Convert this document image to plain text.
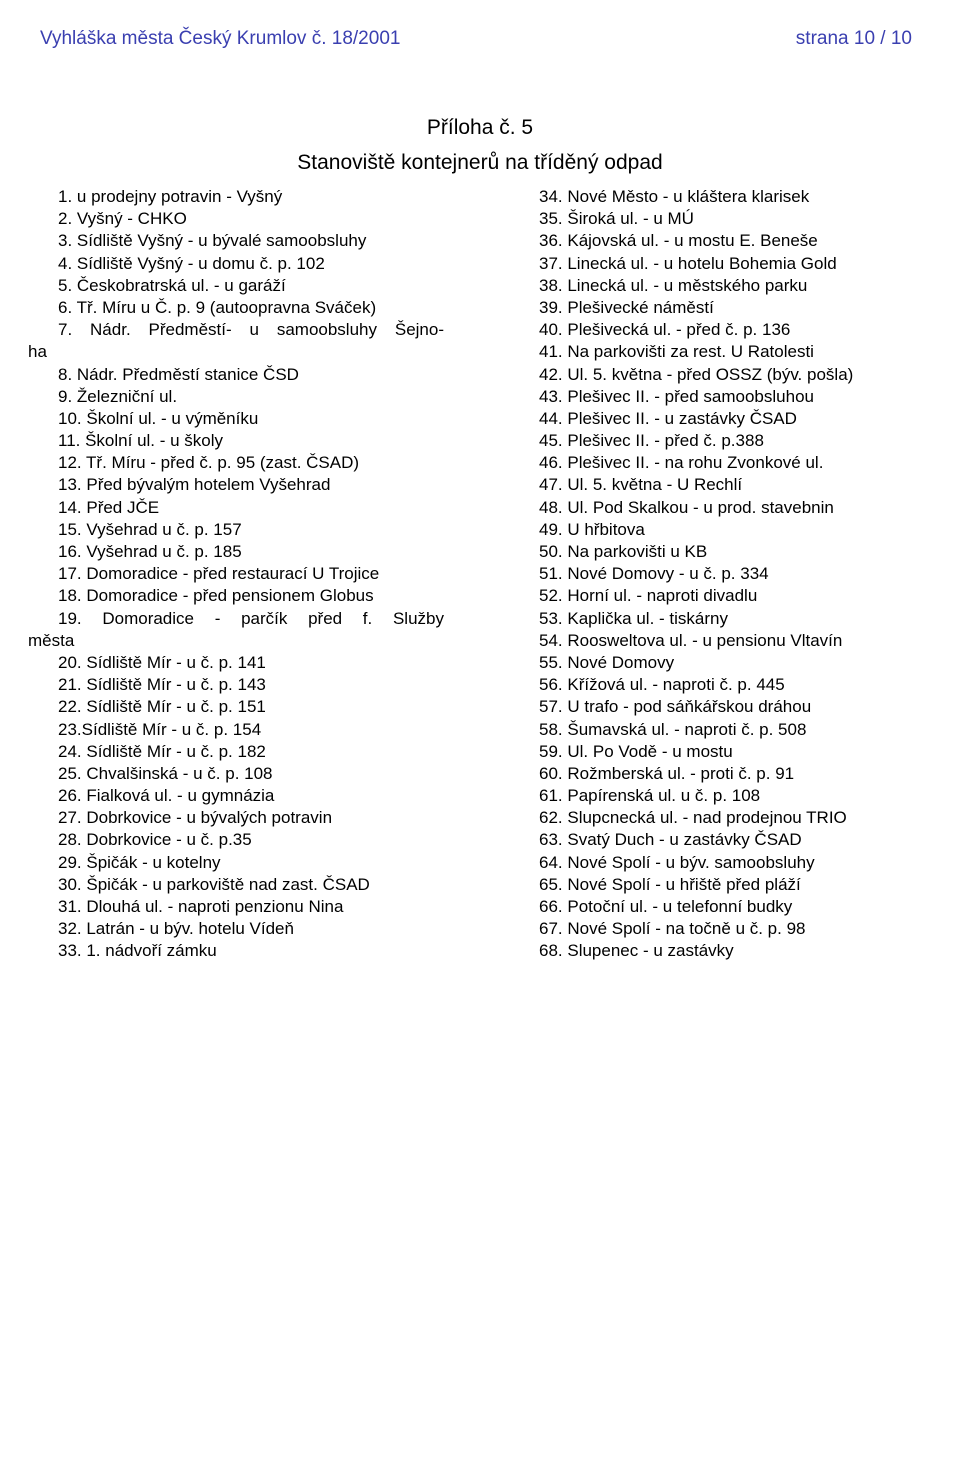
Vyhláška města Český Krumlov č. 18/2001	strana 10 / 10
Příloha č. 5
Stanoviště kontejnerů na tříděný odpad
1. u prodejny potravin - Vyšný
2. Vyšný - CHKO
3. Sídliště Vyšný - u bývalé samoobsluhy
4. Sídliště Vyšný - u domu č. p. 102
5. Českobratrská ul. - u garáží
6. Tř. Míru u Č. p. 9 (autoopravna Sváček)
7. Nádr. Předměstí- u samoobsluhy Šejno-
ha
8. Nádr. Předměstí stanice ČSD
9. Železniční ul.
10. Školní ul. - u výměníku
11. Školní ul. - u školy
12. Tř. Míru - před č. p. 95 (zast. ČSAD)
13. Před bývalým hotelem Vyšehrad
14. Před JČE
15. Vyšehrad u č. p. 157
16. Vyšehrad u č. p. 185
17. Domoradice - před restaurací U Trojice
18. Domoradice - před pensionem Globus
19. Domoradice - parčík před f. Služby
města
20. Sídliště Mír - u č. p. 141
21. Sídliště Mír - u č. p. 143
22. Sídliště Mír - u č. p. 151
23.Sídliště Mír - u č. p. 154
24. Sídliště Mír - u č. p. 182
25. Chvalšinská - u č. p. 108
26. Fialková ul. - u gymnázia
27. Dobrkovice - u bývalých potravin
28. Dobrkovice - u č. p.35
29. Špičák - u kotelny
30. Špičák - u parkoviště nad zast. ČSAD
31. Dlouhá ul. - naproti penzionu Nina
32. Latrán - u býv. hotelu Vídeň
33. 1. nádvoří zámku
34. Nové Město - u kláštera klarisek
35. Široká ul. - u MÚ
36. Kájovská ul. - u mostu E. Beneše
37. Linecká ul. - u hotelu Bohemia Gold
38. Linecká ul. - u městského parku
39. Plešivecké náměstí
40. Plešivecká ul. - před č. p. 136
41. Na parkovišti za rest. U Ratolesti
42. Ul. 5. května - před OSSZ (býv. pošla)
43. Plešivec II. - před samoobsluhou
44. Plešivec II. - u zastávky ČSAD
45. Plešivec II. - před č. p.388
46. Plešivec II. - na rohu Zvonkové ul.
47. Ul. 5. května - U Rechlí
48. Ul. Pod Skalkou - u prod. stavebnin
49. U hřbitova
50. Na parkovišti u KB
51. Nové Domovy - u č. p. 334
52. Horní ul. - naproti divadlu
53. Kaplička ul. - tiskárny
54. Roosweltova ul. - u pensionu Vltavín
55. Nové Domovy
56. Křížová ul. - naproti č. p. 445
57. U trafo - pod sáňkářskou dráhou
58. Šumavská ul. - naproti č. p. 508
59. Ul. Po Vodě - u mostu
60. Rožmberská ul. - proti č. p. 91
61. Papírenská ul. u č. p. 108
62. Slupcnecká ul. - nad prodejnou TRIO
63. Svatý Duch - u zastávky ČSAD
64. Nové Spolí - u býv. samoobsluhy
65. Nové Spolí - u hřiště před pláží
66. Potoční ul. - u telefonní budky
67. Nové Spolí - na točně u č. p. 98
68. Slupenec - u zastávky
